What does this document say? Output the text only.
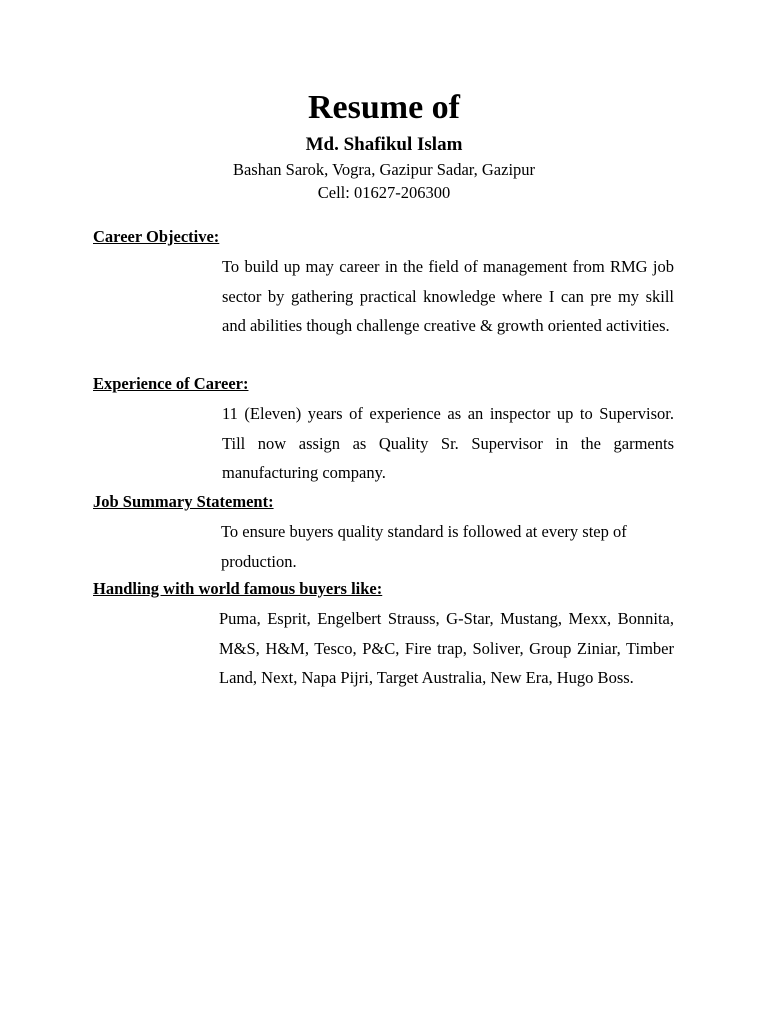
Resume of
Md. Shafikul Islam
Bashan Sarok, Vogra, Gazipur Sadar, Gazipur
Cell: 01627-206300
Career Objective:
To build up may career in the field of management from RMG job sector by gathering practical knowledge where I can pre my skill and abilities though challenge creative & growth oriented activities.
Experience of Career:
11 (Eleven) years of experience as an inspector up to Supervisor. Till now assign as Quality Sr. Supervisor in the garments manufacturing company.
Job Summary Statement:
To ensure buyers quality standard is followed at every step of production.
Handling with world famous buyers like:
Puma, Esprit, Engelbert Strauss, G-Star, Mustang, Mexx, Bonnita, M&S, H&M, Tesco, P&C, Fire trap, Soliver, Group Ziniar, Timber Land, Next, Napa Pijri, Target Australia, New Era, Hugo Boss.
